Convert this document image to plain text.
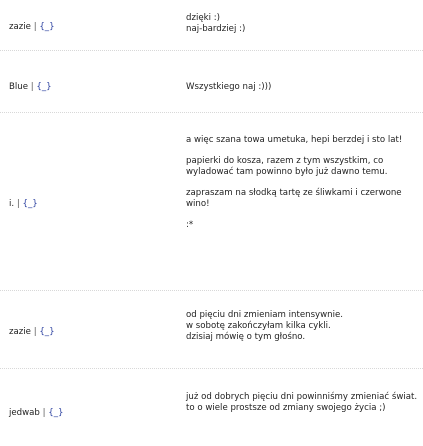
zazie | {_}

dzięki :)
naj-bardziej :)

Blue | {_}	Wszystkiego naj :)))

i. | {_}

a więc szana towa umetuka, hepi berzdej i sto lat!

papierki do kosza, razem z tym wszystkim, co wyladować tam powinno było już dawno temu.

zapraszam na słodką tartę ze śliwkami i czerwone wino!

:*

zazie | {_}

od pięciu dni zmieniam intensywnie.
w sobotę zakończyłam kilka cykli.
dzisiaj mówię o tym głośno.

jedwab | {_}

już od dobrych pięciu dni powinniśmy zmieniać świat. to o wiele prostsze od zmiany swojego życia ;)
